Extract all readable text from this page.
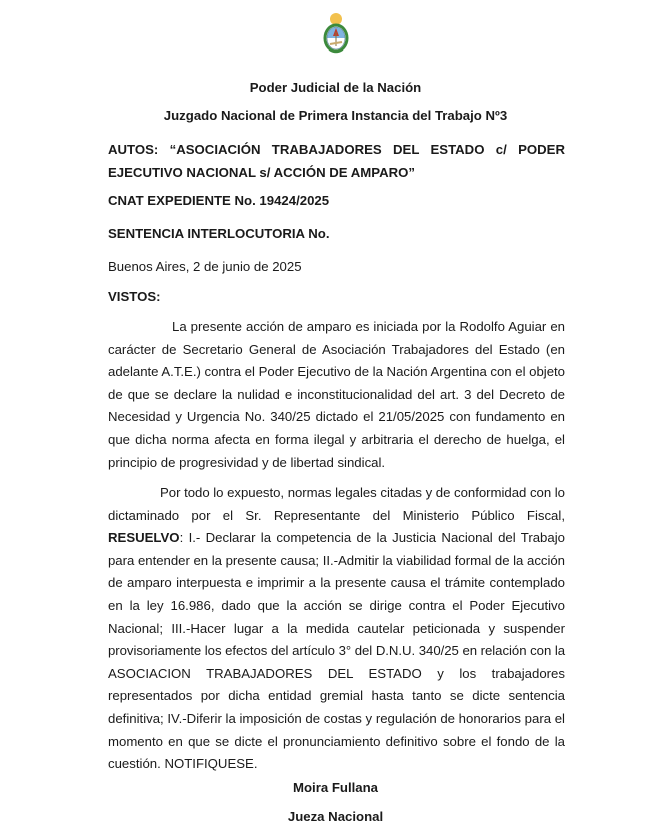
Poder Judicial de la Nación
Juzgado Nacional de Primera Instancia del Trabajo Nº3
AUTOS: “ASOCIACIÓN TRABAJADORES DEL ESTADO c/ PODER
EJECUTIVO NACIONAL s/ ACCIÓN DE AMPARO”
CNAT EXPEDIENTE No. 19424/2025
SENTENCIA INTERLOCUTORIA No.
Buenos Aires, 2 de junio de 2025
VISTOS:
La presente acción de amparo es iniciada por la Rodolfo Aguiar en
carácter de Secretario General de Asociación Trabajadores del Estado (en
adelante A.T.E.) contra el Poder Ejecutivo de la Nación Argentina con el objeto
de que se declare la nulidad e inconstitucionalidad del art. 3 del Decreto de
Necesidad y Urgencia No. 340/25 dictado el 21/05/2025 con fundamento en
que dicha norma afecta en forma ilegal y arbitraria el derecho de huelga, el
principio de progresividad y de libertad sindical.
Por todo lo expuesto, normas legales citadas y de conformidad con lo
dictaminado por el Sr. Representante del Ministerio Público Fiscal,
RESUELVO: I.- Declarar la competencia de la Justicia Nacional del Trabajo
para entender en la presente causa; II.-Admitir la viabilidad formal de la acción
de amparo interpuesta e imprimir a la presente causa el trámite contemplado
en la ley 16.986, dado que la acción se dirige contra el Poder Ejecutivo
Nacional; III.-Hacer lugar a la medida cautelar peticionada y suspender
provisoriamente los efectos del artículo 3° del D.N.U. 340/25 en relación con la
ASOCIACION TRABAJADORES DEL ESTADO y los trabajadores
representados por dicha entidad gremial hasta tanto se dicte sentencia
definitiva; IV.-Diferir la imposición de costas y regulación de honorarios para el
momento en que se dicte el pronunciamiento definitivo sobre el fondo de la
cuestión. NOTIFIQUESE.
Moira Fullana
Jueza Nacional
